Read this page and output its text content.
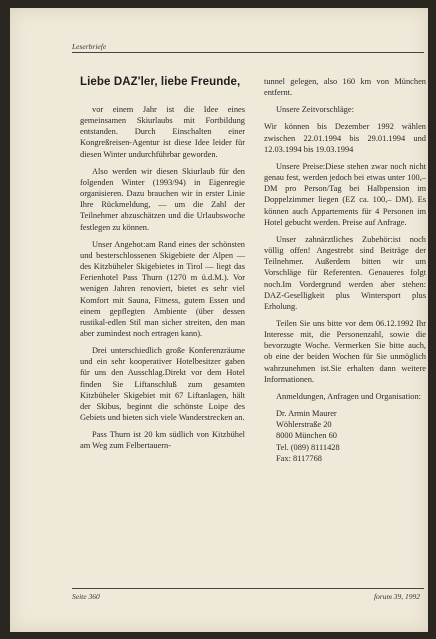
Leserbriefe
Liebe DAZ'ler, liebe Freunde,

vor einem Jahr ist die Idee eines gemeinsamen Skiurlaubs mit Fortbildung entstanden. Durch Einschalten einer Kongreßreisen-Agentur ist diese Idee leider für diesen Winter undurchführbar geworden.

Also werden wir diesen Skiurlaub für den folgenden Winter (1993/94) in Eigenregie organisieren. Dazu brauchen wir in erster Linie Ihre Rückmeldung, — um die Zahl der Teilnehmer abzuschätzen und die Urlaubswoche festlegen zu können.

Unser Angebot:am Rand eines der schönsten und besterschlossenen Skigebiete der Alpen — des Kitzbüheler Skigebietes in Tirol — liegt das Ferienhotel Pass Thurn (1270 m ü.d.M.). Vor wenigen Jahren renoviert, bietet es sehr viel Komfort mit Sauna, Fitness, gutem Essen und einem gepflegten Ambiente (über dessen rustikal-edlen Stil man sicher streiten, den man aber zumindest noch ertragen kann).

Drei unterschiedlich große Konferenzräume und ein sehr kooperativer Hotelbesitzer gaben für uns den Ausschlag.Direkt vor dem Hotel finden Sie Liftanschluß zum gesamten Kitzbüheler Skigebiet mit 67 Liftanlagen, hält der Skibus, beginnt die schönste Loipe des Gebiets und bieten sich viele Wanderstrecken an.

Pass Thurn ist 20 km südlich von Kitzbühel am Weg zum Felbertauern-

tunnel gelegen, also 160 km von München entfernt.

Unsere Zeitvorschläge:

Wir können bis Dezember 1992 wählen zwischen 22.01.1994 bis 29.01.1994 und 12.03.1994 bis 19.03.1994

Unsere Preise:Diese stehen zwar noch nicht genau fest, werden jedoch bei etwas unter 100,– DM pro Person/Tag bei Halbpension im Doppelzimmer liegen (EZ ca. 100,– DM). Es können auch Appartements für 4 Personen im Hotel gebucht werden. Preise auf Anfrage.

Unser zahnärztliches Zubehör:ist noch völlig offen! Angestrebt sind Beiträge der Teilnehmer. Außerdem bitten wir um Vorschläge für Referenten. Genaueres folgt noch.Im Vordergrund werden aber stehen: DAZ-Geselligkeit plus Wintersport plus Erholung.

Teilen Sie uns bitte vor dem 06.12.1992 Ihr Interesse mit, die Personenzahl, sowie die bevorzugte Woche. Vermerken Sie bitte auch, ob eine der beiden Wochen für Sie unmöglich wahrzunehmen ist.Sie erhalten dann weitere Informationen.

Anmeldungen, Anfragen und Organisation:

Dr. Armin Maurer
Wöhlerstraße 20
8000 München 60
Tel. (089) 8111428
Fax: 8117768
Seite 360	forum 39, 1992
